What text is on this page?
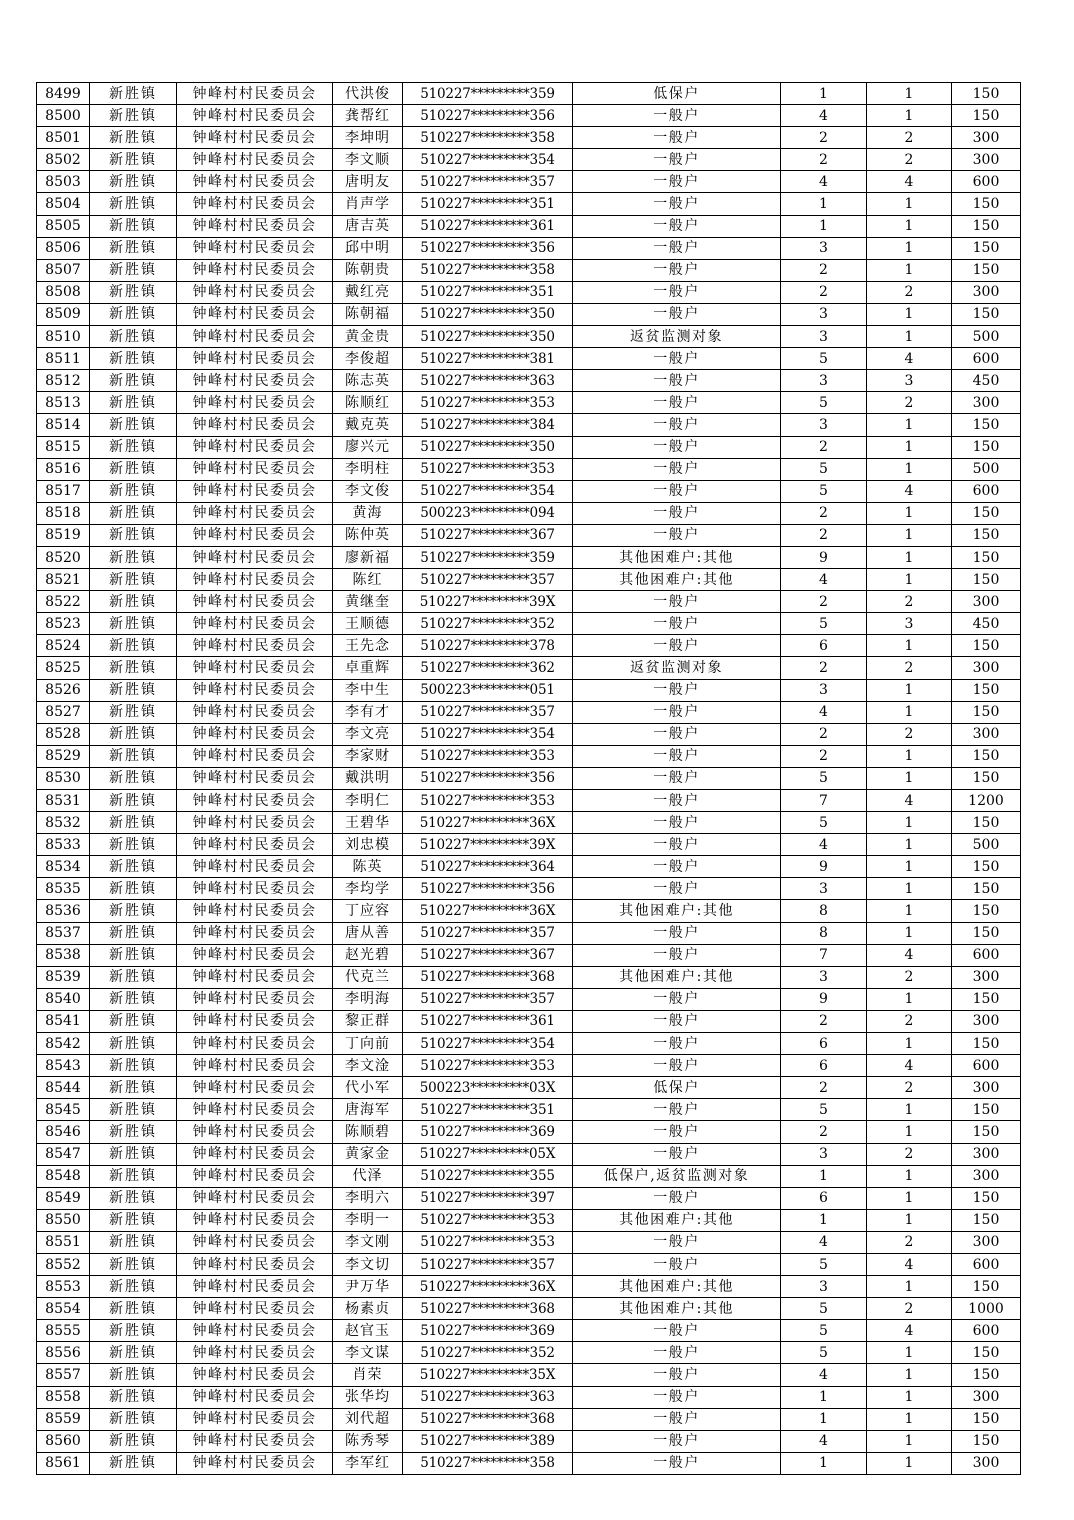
8499	新胜镇	钟峰村村民委员会	代洪俊	510227*********359	低保户	1	1	150
8500	新胜镇	钟峰村村民委员会	龚帮红	510227*********356	一般户	4	1	150
8501	新胜镇	钟峰村村民委员会	李坤明	510227*********358	一般户	2	2	300
8502	新胜镇	钟峰村村民委员会	李文顺	510227*********354	一般户	2	2	300
8503	新胜镇	钟峰村村民委员会	唐明友	510227*********357	一般户	4	4	600
8504	新胜镇	钟峰村村民委员会	肖声学	510227*********351	一般户	1	1	150
8505	新胜镇	钟峰村村民委员会	唐吉英	510227*********361	一般户	1	1	150
8506	新胜镇	钟峰村村民委员会	邱中明	510227*********356	一般户	3	1	150
8507	新胜镇	钟峰村村民委员会	陈朝贵	510227*********358	一般户	2	1	150
8508	新胜镇	钟峰村村民委员会	戴红亮	510227*********351	一般户	2	2	300
8509	新胜镇	钟峰村村民委员会	陈朝福	510227*********350	一般户	3	1	150
8510	新胜镇	钟峰村村民委员会	黄金贵	510227*********350	返贫监测对象	3	1	500
8511	新胜镇	钟峰村村民委员会	李俊超	510227*********381	一般户	5	4	600
8512	新胜镇	钟峰村村民委员会	陈志英	510227*********363	一般户	3	3	450
8513	新胜镇	钟峰村村民委员会	陈顺红	510227*********353	一般户	5	2	300
8514	新胜镇	钟峰村村民委员会	戴克英	510227*********384	一般户	3	1	150
8515	新胜镇	钟峰村村民委员会	廖兴元	510227*********350	一般户	2	1	150
8516	新胜镇	钟峰村村民委员会	李明柱	510227*********353	一般户	5	1	500
8517	新胜镇	钟峰村村民委员会	李文俊	510227*********354	一般户	5	4	600
8518	新胜镇	钟峰村村民委员会	黄海	500223*********094	一般户	2	1	150
8519	新胜镇	钟峰村村民委员会	陈仲英	510227*********367	一般户	2	1	150
8520	新胜镇	钟峰村村民委员会	廖新福	510227*********359	其他困难户:其他	9	1	150
8521	新胜镇	钟峰村村民委员会	陈红	510227*********357	其他困难户:其他	4	1	150
8522	新胜镇	钟峰村村民委员会	黄继奎	510227*********39X	一般户	2	2	300
8523	新胜镇	钟峰村村民委员会	王顺德	510227*********352	一般户	5	3	450
8524	新胜镇	钟峰村村民委员会	王先念	510227*********378	一般户	6	1	150
8525	新胜镇	钟峰村村民委员会	卓重辉	510227*********362	返贫监测对象	2	2	300
8526	新胜镇	钟峰村村民委员会	李中生	500223*********051	一般户	3	1	150
8527	新胜镇	钟峰村村民委员会	李有才	510227*********357	一般户	4	1	150
8528	新胜镇	钟峰村村民委员会	李文亮	510227*********354	一般户	2	2	300
8529	新胜镇	钟峰村村民委员会	李家财	510227*********353	一般户	2	1	150
8530	新胜镇	钟峰村村民委员会	戴洪明	510227*********356	一般户	5	1	150
8531	新胜镇	钟峰村村民委员会	李明仁	510227*********353	一般户	7	4	1200
8532	新胜镇	钟峰村村民委员会	王碧华	510227*********36X	一般户	5	1	150
8533	新胜镇	钟峰村村民委员会	刘忠模	510227*********39X	一般户	4	1	500
8534	新胜镇	钟峰村村民委员会	陈英	510227*********364	一般户	9	1	150
8535	新胜镇	钟峰村村民委员会	李均学	510227*********356	一般户	3	1	150
8536	新胜镇	钟峰村村民委员会	丁应容	510227*********36X	其他困难户:其他	8	1	150
8537	新胜镇	钟峰村村民委员会	唐从善	510227*********357	一般户	8	1	150
8538	新胜镇	钟峰村村民委员会	赵光碧	510227*********367	一般户	7	4	600
8539	新胜镇	钟峰村村民委员会	代克兰	510227*********368	其他困难户:其他	3	2	300
8540	新胜镇	钟峰村村民委员会	李明海	510227*********357	一般户	9	1	150
8541	新胜镇	钟峰村村民委员会	黎正群	510227*********361	一般户	2	2	300
8542	新胜镇	钟峰村村民委员会	丁向前	510227*********354	一般户	6	1	150
8543	新胜镇	钟峰村村民委员会	李文淦	510227*********353	一般户	6	4	600
8544	新胜镇	钟峰村村民委员会	代小军	500223*********03X	低保户	2	2	300
8545	新胜镇	钟峰村村民委员会	唐海军	510227*********351	一般户	5	1	150
8546	新胜镇	钟峰村村民委员会	陈顺碧	510227*********369	一般户	2	1	150
8547	新胜镇	钟峰村村民委员会	黄家金	510227*********05X	一般户	3	2	300
8548	新胜镇	钟峰村村民委员会	代泽	510227*********355	低保户,返贫监测对象	1	1	300
8549	新胜镇	钟峰村村民委员会	李明六	510227*********397	一般户	6	1	150
8550	新胜镇	钟峰村村民委员会	李明一	510227*********353	其他困难户:其他	1	1	150
8551	新胜镇	钟峰村村民委员会	李文刚	510227*********353	一般户	4	2	300
8552	新胜镇	钟峰村村民委员会	李文切	510227*********357	一般户	5	4	600
8553	新胜镇	钟峰村村民委员会	尹万华	510227*********36X	其他困难户:其他	3	1	150
8554	新胜镇	钟峰村村民委员会	杨素贞	510227*********368	其他困难户:其他	5	2	1000
8555	新胜镇	钟峰村村民委员会	赵官玉	510227*********369	一般户	5	4	600
8556	新胜镇	钟峰村村民委员会	李文谋	510227*********352	一般户	5	1	150
8557	新胜镇	钟峰村村民委员会	肖荣	510227*********35X	一般户	4	1	150
8558	新胜镇	钟峰村村民委员会	张华均	510227*********363	一般户	1	1	300
8559	新胜镇	钟峰村村民委员会	刘代超	510227*********368	一般户	1	1	150
8560	新胜镇	钟峰村村民委员会	陈秀琴	510227*********389	一般户	4	1	150
8561	新胜镇	钟峰村村民委员会	李军红	510227*********358	一般户	1	1	300
